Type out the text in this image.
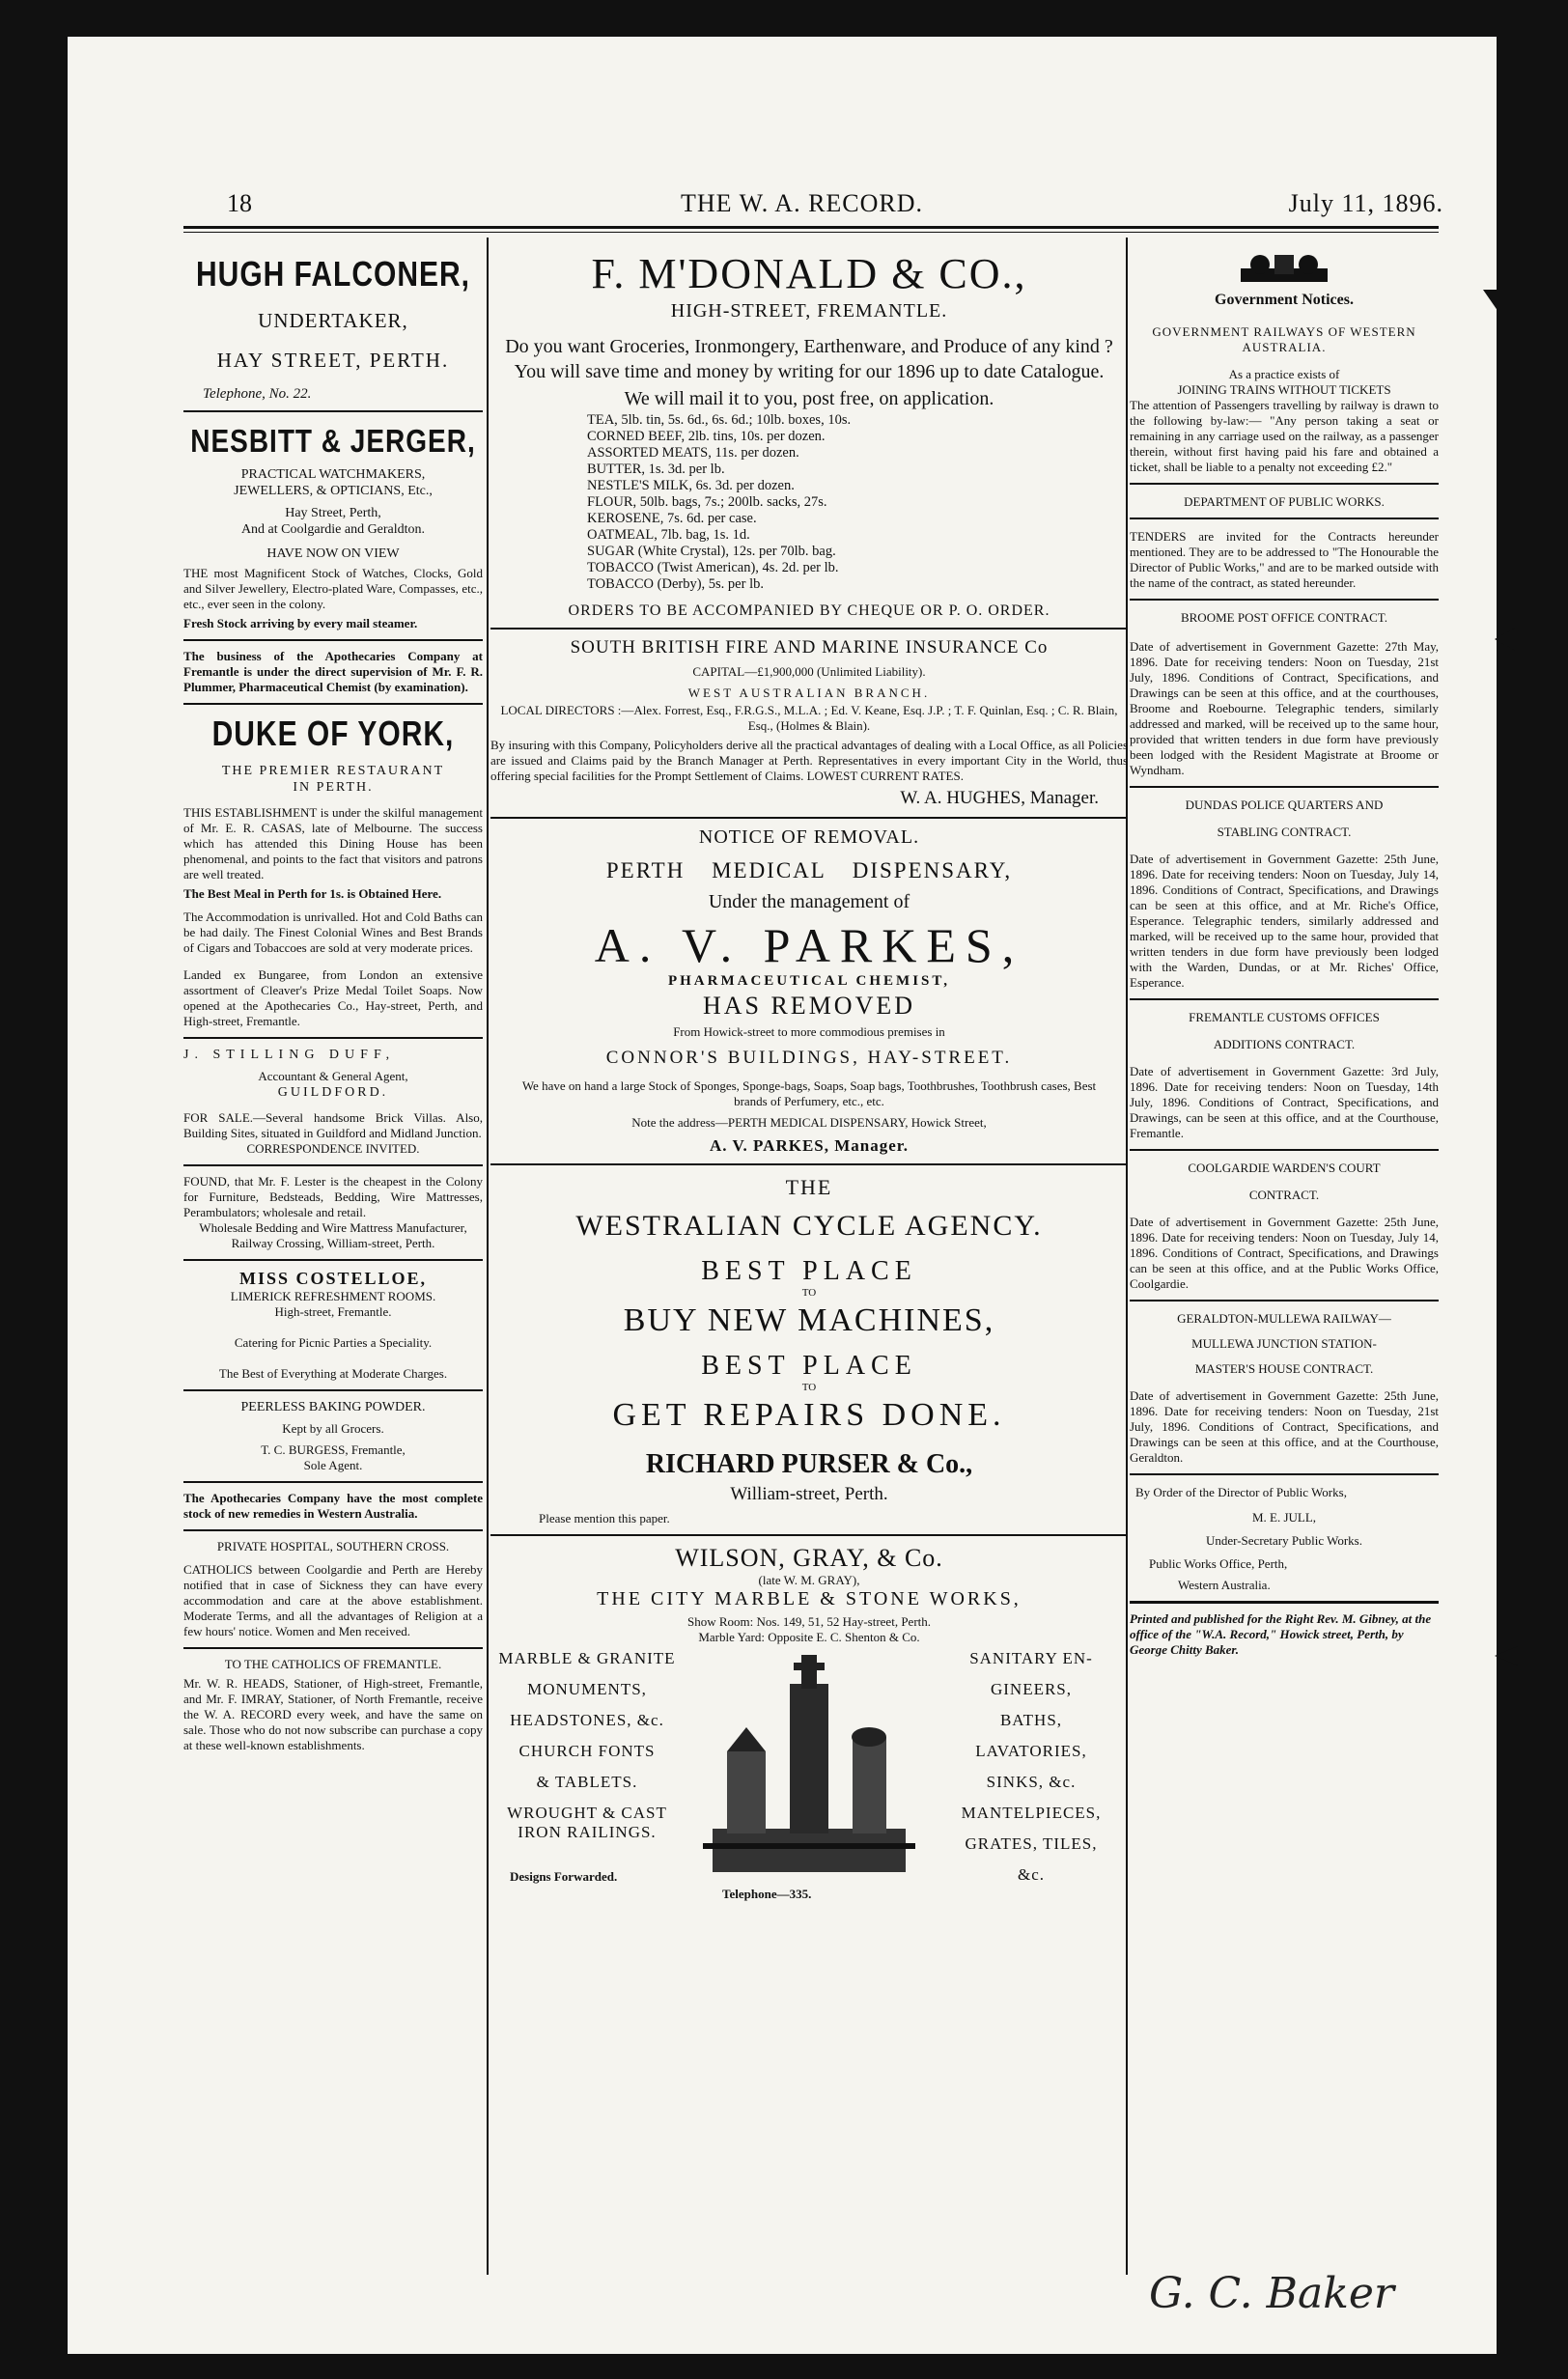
18	THE W. A. RECORD.	July 11, 1896.
HUGH FALCONER,
UNDERTAKER,
HAY STREET, PERTH.
Telephone, No. 22.
NESBITT & JERGER,
PRACTICAL WATCHMAKERS,
JEWELLERS, & OPTICIANS, Etc.,
Hay Street, Perth,
And at Coolgardie and Geraldton.
HAVE NOW ON VIEW

THE most Magnificent Stock of Watches, Clocks, Gold and Silver Jewellery, Electro-plated Ware, Compasses, etc., etc., ever seen in the colony.

Fresh Stock arriving by every mail steamer.

The business of the Apothecaries Company at Fremantle is under the direct supervision of Mr. F. R. Plummer, Pharmaceutical Chemist (by examination).

DUKE OF YORK,
THE PREMIER RESTAURANT
IN PERTH.

THIS ESTABLISHMENT is under the skilful management of Mr. E. R. CASAS, late of Melbourne. The success which has attended this Dining House has been phenomenal, and points to the fact that visitors and patrons are well treated.

The Best Meal in Perth for 1s. is Obtained Here.

The Accommodation is unrivalled. Hot and Cold Baths can be had daily. The Finest Colonial Wines and Best Brands of Cigars and Tobaccoes are sold at very moderate prices.

Landed ex Bungaree, from London an extensive assortment of Cleaver's Prize Medal Toilet Soaps. Now opened at the Apothecaries Co., Hay-street, Perth, and High-street, Fremantle.

J. STILLING DUFF,
Accountant & General Agent,
GUILDFORD.

FOR SALE.—Several handsome Brick Villas. Also, Building Sites, situated in Guildford and Midland Junction.

CORRESPONDENCE INVITED.

FOUND, that Mr. F. Lester is the cheapest in the Colony for Furniture, Bedsteads, Bedding, Wire Mattresses, Perambulators; wholesale and retail.

Wholesale Bedding and Wire Mattress Manufacturer,
Railway Crossing, William-street, Perth.
MISS COSTELLOE,
LIMERICK REFRESHMENT ROOMS.
High-street, Fremantle.
Catering for Picnic Parties a Speciality.
The Best of Everything at Moderate Charges.
PEERLESS BAKING POWDER.
Kept by all Grocers.
T. C. BURGESS, Fremantle,
Sole Agent.

The Apothecaries Company have the most complete stock of new remedies in Western Australia.

PRIVATE HOSPITAL, SOUTHERN CROSS.

CATHOLICS between Coolgardie and Perth are Hereby notified that in case of Sickness they can have every accommodation and care at the above establishment. Moderate Terms, and all the advantages of Religion at a few hours' notice. Women and Men received.

TO THE CATHOLICS OF FREMANTLE.

Mr. W. R. HEADS, Stationer, of High-street, Fremantle, and Mr. F. IMRAY, Stationer, of North Fremantle, receive the W. A. RECORD every week, and have the same on sale. Those who do not now subscribe can purchase a copy at these well-known establishments.

F. M'DONALD & CO.,
HIGH-STREET, FREMANTLE.

Do you want Groceries, Ironmongery, Earthenware, and Produce of any kind ? You will save time and money by writing for our 1896 up to date Catalogue.

We will mail it to you, post free, on application.

TEA, 5lb. tin, 5s. 6d., 6s. 6d.; 10lb. boxes, 10s.
CORNED BEEF, 2lb. tins, 10s. per dozen.
ASSORTED MEATS, 11s. per dozen.
BUTTER, 1s. 3d. per lb.
NESTLE'S MILK, 6s. 3d. per dozen.
FLOUR, 50lb. bags, 7s.; 200lb. sacks, 27s.
KEROSENE, 7s. 6d. per case.
OATMEAL, 7lb. bag, 1s. 1d.
SUGAR (White Crystal), 12s. per 70lb. bag.
TOBACCO (Twist American), 4s. 2d. per lb.
TOBACCO (Derby), 5s. per lb.
ORDERS TO BE ACCOMPANIED BY CHEQUE OR P. O. ORDER.
SOUTH BRITISH FIRE AND MARINE INSURANCE Co
CAPITAL—£1,900,000 (Unlimited Liability).
WEST AUSTRALIAN BRANCH.

LOCAL DIRECTORS :—Alex. Forrest, Esq., F.R.G.S., M.L.A. ; Ed. V. Keane, Esq. J.P. ; T. F. Quinlan, Esq. ; C. R. Blain, Esq., (Holmes & Blain).

By insuring with this Company, Policyholders derive all the practical advantages of dealing with a Local Office, as all Policies are issued and Claims paid by the Branch Manager at Perth. Representatives in every important City in the World, thus offering special facilities for the Prompt Settlement of Claims. LOWEST CURRENT RATES.

W. A. HUGHES, Manager.
NOTICE OF REMOVAL.
PERTH MEDICAL DISPENSARY,
Under the management of
A. V. PARKES,
PHARMACEUTICAL CHEMIST,
HAS REMOVED
From Howick-street to more commodious premises in
CONNOR'S BUILDINGS, HAY-STREET.

We have on hand a large Stock of Sponges, Sponge-bags, Soaps, Soap bags, Toothbrushes, Toothbrush cases, Best brands of Perfumery, etc., etc.

Note the address—PERTH MEDICAL DISPENSARY, Howick Street,
A. V. PARKES, Manager.
THE
WESTRALIAN CYCLE AGENCY.
BEST PLACE
TO
BUY NEW MACHINES,
BEST PLACE
TO
GET REPAIRS DONE.
RICHARD PURSER & Co.,
William-street, Perth.
Please mention this paper.
WILSON, GRAY, & Co.
(late W. M. GRAY),
THE CITY MARBLE & STONE WORKS,
Show Room: Nos. 149, 51, 52 Hay-street, Perth.
Marble Yard: Opposite E. C. Shenton & Co.
MARBLE & GRANITE
MONUMENTS,
HEADSTONES, &c.
CHURCH FONTS
& TABLETS.
WROUGHT & CAST IRON RAILINGS.
SANITARY EN-
GINEERS,
BATHS,
LAVATORIES,
SINKS, &c.
MANTELPIECES,
GRATES, TILES,
&c.
Designs Forwarded.
Telephone—335.
Government Notices.
GOVERNMENT RAILWAYS OF WESTERN AUSTRALIA.
As a practice exists of
JOINING TRAINS WITHOUT TICKETS

The attention of Passengers travelling by railway is drawn to the following by-law:— "Any person taking a seat or remaining in any carriage used on the railway, as a passenger therein, without first having paid his fare and obtained a ticket, shall be liable to a penalty not exceeding £2."

DEPARTMENT OF PUBLIC WORKS.

TENDERS are invited for the Contracts hereunder mentioned. They are to be addressed to "The Honourable the Director of Public Works," and are to be marked outside with the name of the contract, as stated hereunder.

BROOME POST OFFICE CONTRACT.

Date of advertisement in Government Gazette: 27th May, 1896. Date for receiving tenders: Noon on Tuesday, 21st July, 1896. Conditions of Contract, Specifications, and Drawings can be seen at this office, and at the courthouses, Broome and Roebourne. Telegraphic tenders, similarly addressed and marked, will be received up to the same hour, provided that written tenders in due form have previously been lodged with the Resident Magistrate at Broome or Wyndham.

DUNDAS POLICE QUARTERS AND
STABLING CONTRACT.

Date of advertisement in Government Gazette: 25th June, 1896. Date for receiving tenders: Noon on Tuesday, July 14, 1896. Conditions of Contract, Specifications, and Drawings can be seen at this office, and at Mr. Riche's Office, Esperance. Telegraphic tenders, similarly addressed and marked, will be received up to the same hour, provided that written tenders in due form have previously been lodged with the Warden, Dundas, or at Mr. Riches' Office, Esperance.

FREMANTLE CUSTOMS OFFICES
ADDITIONS CONTRACT.

Date of advertisement in Government Gazette: 3rd July, 1896. Date for receiving tenders: Noon on Tuesday, 14th July, 1896. Conditions of Contract, Specifications, and Drawings, can be seen at this office, and at the Courthouse, Fremantle.

COOLGARDIE WARDEN'S COURT
CONTRACT.

Date of advertisement in Government Gazette: 25th June, 1896. Date for receiving tenders: Noon on Tuesday, July 14, 1896. Conditions of Contract, Specifications, and Drawings can be seen at this office, and at the Public Works Office, Coolgardie.

GERALDTON-MULLEWA RAILWAY—
MULLEWA JUNCTION STATION-
MASTER'S HOUSE CONTRACT.

Date of advertisement in Government Gazette: 25th June, 1896. Date for receiving tenders: Noon on Tuesday, 21st July, 1896. Conditions of Contract, Specifications, and Drawings can be seen at this office, and at the Courthouse, Geraldton.

By Order of the Director of Public Works,
M. E. JULL,
Under-Secretary Public Works.
Public Works Office, Perth,
Western Australia.

Printed and published for the Right Rev. M. Gibney, at the office of the "W.A. Record," Howick street, Perth, by George Chitty Baker.

G. C. Baker
